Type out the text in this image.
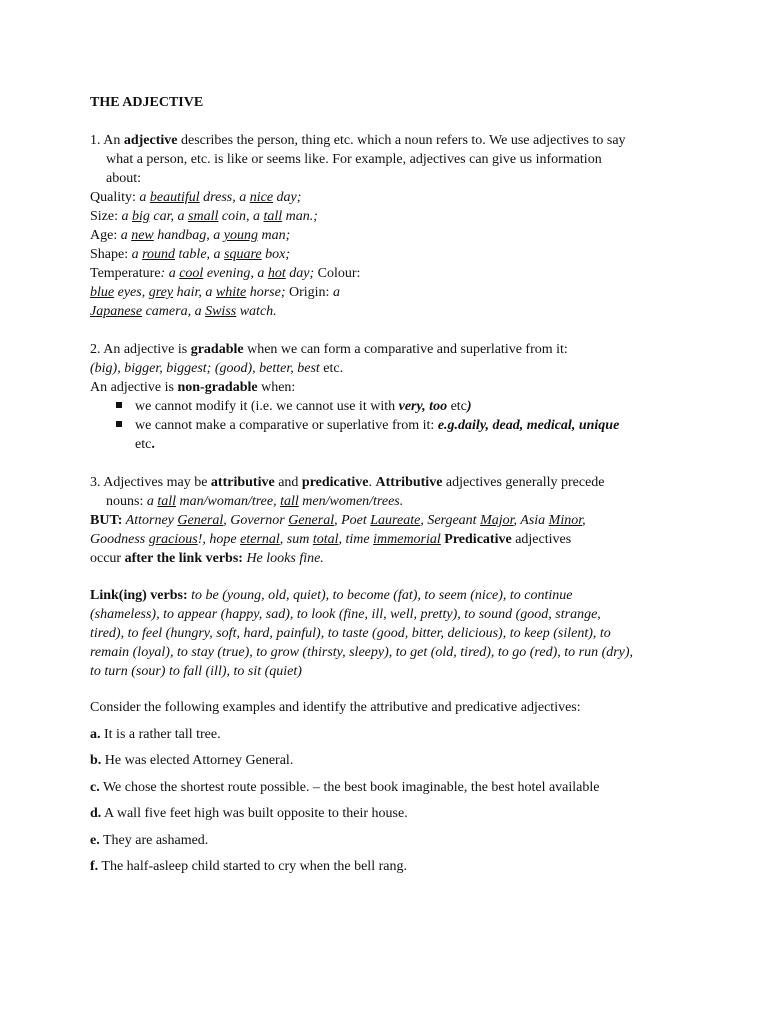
THE ADJECTIVE
1. An adjective describes the person, thing etc. which a noun refers to. We use adjectives to say
what a person, etc. is like or seems like. For example, adjectives can give us information
about:
Quality: a beautiful dress, a nice day;
Size: a big car, a small coin, a tall man.;
Age: a new handbag, a young man;
Shape: a round table, a square box;
Temperature: a cool evening, a hot day; Colour:
blue eyes, grey hair, a white horse; Origin: a
Japanese camera, a Swiss watch.
2. An adjective is gradable when we can form a comparative and superlative from it:
(big), bigger, biggest; (good), better, best etc.
An adjective is non-gradable when:
we cannot modify it (i.e. we cannot use it with very, too etc)
we cannot make a comparative or superlative from it: e.g.daily, dead, medical, unique
etc.
3. Adjectives may be attributive and predicative. Attributive adjectives generally precede
nouns: a tall man/woman/tree, tall men/women/trees.
BUT: Attorney General, Governor General, Poet Laureate, Sergeant Major, Asia Minor,
Goodness gracious!, hope eternal, sum total, time immemorial Predicative adjectives
occur after the link verbs: He looks fine.
Link(ing) verbs: to be (young, old, quiet), to become (fat), to seem (nice), to continue
(shameless), to appear (happy, sad), to look (fine, ill, well, pretty), to sound (good, strange,
tired), to feel (hungry, soft, hard, painful), to taste (good, bitter, delicious), to keep (silent), to
remain (loyal), to stay (true), to grow (thirsty, sleepy), to get (old, tired), to go (red), to run (dry),
to turn (sour) to fall (ill), to sit (quiet)
Consider the following examples and identify the attributive and predicative adjectives:
a. It is a rather tall tree.
b. He was elected Attorney General.
c. We chose the shortest route possible. – the best book imaginable, the best hotel available
d. A wall five feet high was built opposite to their house.
e. They are ashamed.
f. The half-asleep child started to cry when the bell rang.
